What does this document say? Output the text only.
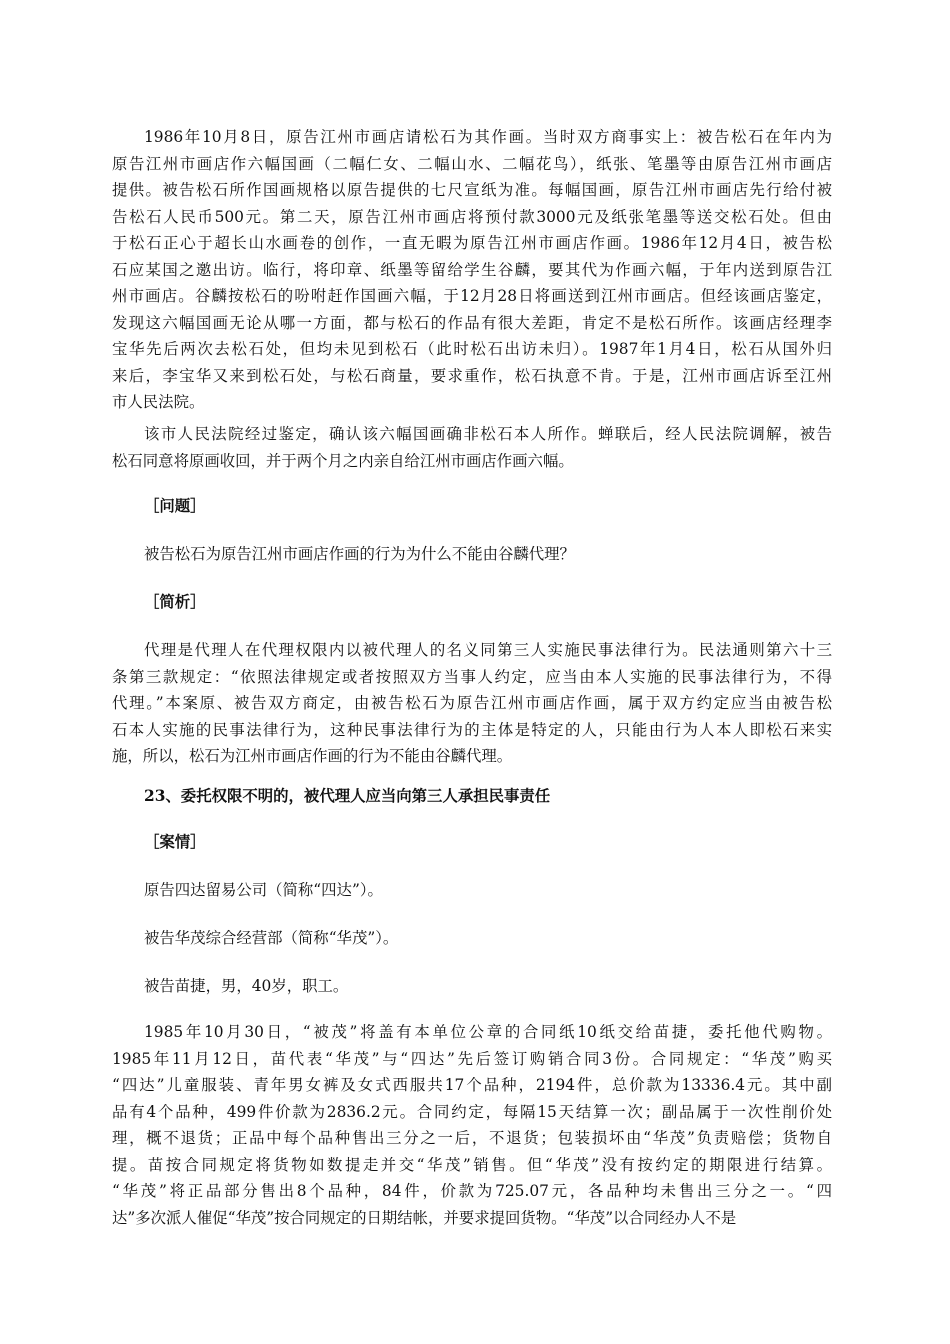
1986年10月8日，原告江州市画店请松石为其作画。当时双方商事实上：被告松石在年内为
原告江州市画店作六幅国画（二幅仁女、二幅山水、二幅花鸟），纸张、笔墨等由原告江州市画店
提供。被告松石所作国画规格以原告提供的七尺宣纸为准。每幅国画，原告江州市画店先行给付被
告松石人民币500元。第二天，原告江州市画店将预付款3000元及纸张笔墨等送交松石处。但由
于松石正心于超长山水画卷的创作，一直无暇为原告江州市画店作画。1986年12月4日，被告松
石应某国之邀出访。临行，将印章、纸墨等留给学生谷麟，要其代为作画六幅，于年内送到原告江
州市画店。谷麟按松石的吩咐赶作国画六幅，于12月28日将画送到江州市画店。但经该画店鉴定，
发现这六幅国画无论从哪一方面，都与松石的作品有很大差距，肯定不是松石所作。该画店经理李
宝华先后两次去松石处，但均未见到松石（此时松石出访未归）。1987年1月4日，松石从国外归
来后，李宝华又来到松石处，与松石商量，要求重作，松石执意不肯。于是，江州市画店诉至江州
市人民法院。
该市人民法院经过鉴定，确认该六幅国画确非松石本人所作。蝉联后，经人民法院调解，被告
松石同意将原画收回，并于两个月之内亲自给江州市画店作画六幅。
［问题］
被告松石为原告江州市画店作画的行为为什么不能由谷麟代理？
［简析］
代理是代理人在代理权限内以被代理人的名义同第三人实施民事法律行为。民法通则第六十三
条第三款规定：“依照法律规定或者按照双方当事人约定，应当由本人实施的民事法律行为，不得
代理。”本案原、被告双方商定，由被告松石为原告江州市画店作画，属于双方约定应当由被告松
石本人实施的民事法律行为，这种民事法律行为的主体是特定的人，只能由行为人本人即松石来实
施，所以，松石为江州市画店作画的行为不能由谷麟代理。
23、委托权限不明的，被代理人应当向第三人承担民事责任
［案情］
原告四达留易公司（简称“四达”）。
被告华茂综合经营部（简称“华茂”）。
被告苗捷，男，40岁，职工。
1985年10月30日，“被茂”将盖有本单位公章的合同纸10纸交给苗捷，委托他代购物。
1985年11月12日，苗代表“华茂”与“四达”先后签订购销合同3份。合同规定：“华茂”购买
“四达”儿童服装、青年男女裤及女式西服共17个品种，2194件，总价款为13336.4元。其中副
品有4个品种，499件价款为2836.2元。合同约定，每隔15天结算一次；副品属于一次性削价处
理，概不退货；正品中每个品种售出三分之一后，不退货；包装损坏由“华茂”负责赔偿；货物自
提。苗按合同规定将货物如数提走并交“华茂”销售。但“华茂”没有按约定的期限进行结算。
“华茂”将正品部分售出8个品种，84件，价款为725.07元，各品种均未售出三分之一。“四
达”多次派人催促“华茂”按合同规定的日期结帐，并要求提回货物。“华茂”以合同经办人不是
